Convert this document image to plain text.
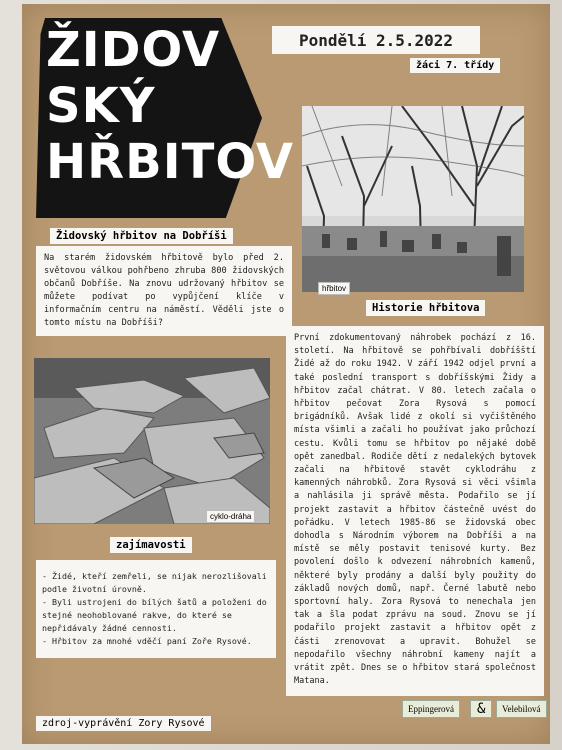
ŽIDOV
SKÝ
HŘBITOV
Pondělí 2.5.2022
žáci 7. třídy
hřbitov
Židovský hřbitov na Dobříši
Na starém židovském hřbitově bylo před 2. světovou válkou pohřbeno zhruba 800 židovských občanů Dobříše. Na znovu udržovaný hřbitov se můžete podívat po vypůjčení klíče v informačním centru na náměstí. Věděli jste o tomto místu na Dobříši?
Historie hřbitova
cyklo-dráha
První zdokumentovaný náhrobek pochází z 16. století. Na hřbitově se pohřbívali dobříšští Židé až do roku 1942. V září 1942 odjel první a také poslední transport s dobříšskými Židy a hřbitov začal chátrat. V 80. letech začala o hřbitov pečovat Zora Rysová s pomocí brigádníků. Avšak lidé z okolí si vyčištěného místa všimli a začali ho používat jako průchozí cestu. Kvůli tomu se hřbitov po nějaké době opět zanedbal. Rodiče dětí z nedalekých bytovek začali na hřbitově stavět cyklodráhu z kamenných náhrobků. Zora Rysová si věci všimla a nahlásila ji správě města. Podařilo se jí projekt zastavit a hřbitov částečně uvést do pořádku. V letech 1985-86 se židovská obec dohodla s Národním výborem na Dobříši a na místě se měly postavit tenisové kurty. Bez povolení došlo k odvezení náhrobních kamenů, některé byly prodány a další byly použity do základů nových domů, např. Černé labutě nebo sportovní haly. Zora Rysová to nenechala jen tak a šla podat zprávu na soud. Znovu se jí podařilo projekt zastavit a hřbitov opět z části zrenovovat a upravit. Bohužel se nepodařilo všechny náhrobní kameny najít a vrátit zpět. Dnes se o hřbitov stará společnost Matana.
zajímavosti
- Židé, kteří zemřeli, se nijak nerozlišovali podle životní úrovně.
- Byli ustrojeni do bílých šatů a položeni do stejné neohoblované rakve, do které se nepřidávaly žádné cennosti.
- Hřbitov za mnohé vděčí paní Zoře Rysové.
zdroj-vyprávění Zory Rysové
Eppingerová	&	Velebilová
